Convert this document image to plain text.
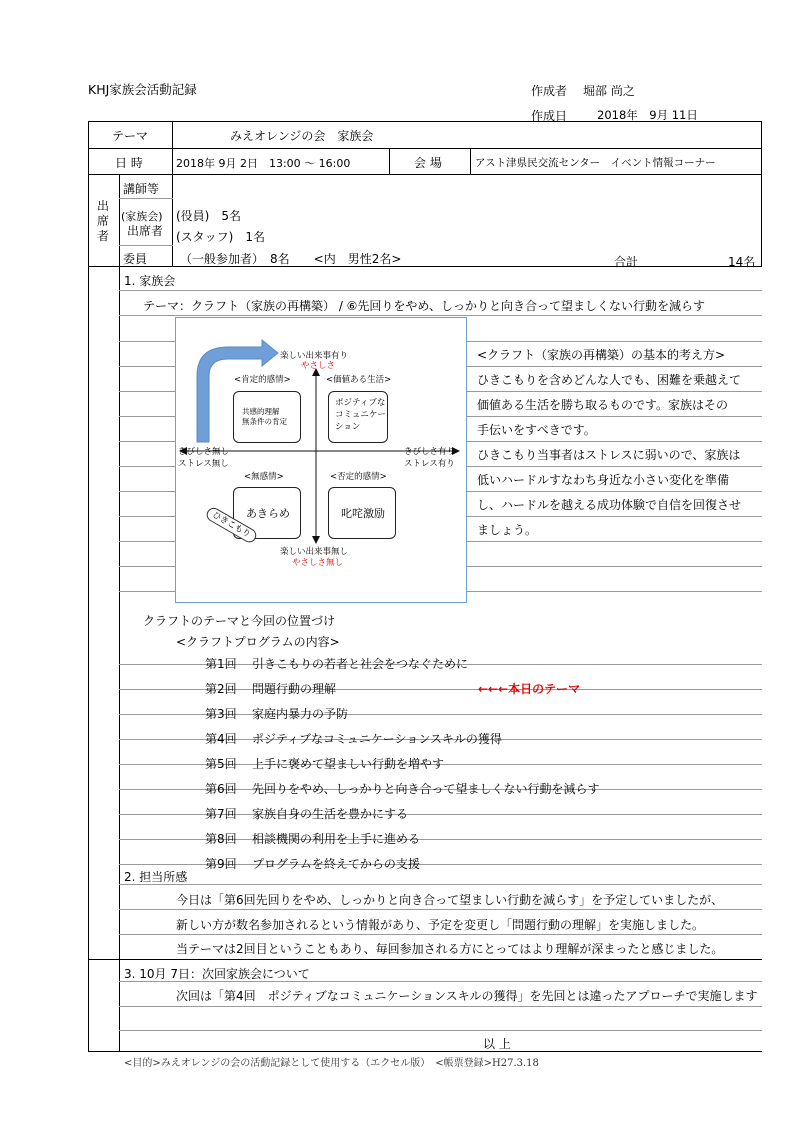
KHJ家族会活動記録	作成者 堀部 尚之
作成日	2018年　9月 11日
テーマ	みえオレンジの会　家族会
日 時	2018年 9月 2日　13:00 ～ 16:00	会 場	アスト津県民交流センター　イベント情報コーナー
出
席
者
講師等
(家族会)
出席者
(役員)　5名
(スタッフ)　1名
委員	（一般参加者）　8名　　<内　男性2名>	合計	14名
1. 家族会
テーマ：クラフト（家族の再構築） / ⑥先回りをやめ、しっかりと向き合って望ましくない行動を減らす
楽しい出来事有り
やさしさ
<肯定的感情>	<価値ある生活>
共感的理解
無条件の肯定
ポジティブな
コミュニケー
ション
きびしさ無し
ストレス無し
きびしさ有り
ストレス有り
<無感情>	<否定的感情>
あきらめ	叱咤激励
ひきこもり
楽しい出来事無し
やさしさ無し
<クラフト（家族の再構築）の基本的考え方>
ひきこもりを含めどんな人でも、困難を乗越えて
価値ある生活を勝ち取るものです。家族はその
手伝いをすべきです。
ひきこもり当事者はストレスに弱いので、家族は
低いハードルすなわち身近な小さい変化を準備
し、ハードルを越える成功体験で自信を回復させ
ましょう。
クラフトのテーマと今回の位置づけ
<クラフトプログラムの内容>
第1回 引きこもりの若者と社会をつなぐために
第2回 問題行動の理解	←←←本日のテーマ
第3回 家庭内暴力の予防
第4回 ポジティブなコミュニケーションスキルの獲得
第5回 上手に褒めて望ましい行動を増やす
第6回 先回りをやめ、しっかりと向き合って望ましくない行動を減らす
第7回 家族自身の生活を豊かにする
第8回 相談機関の利用を上手に進める
第9回 プログラムを終えてからの支援
2. 担当所感
今日は「第6回先回りをやめ、しっかりと向き合って望ましい行動を減らす」を予定していましたが、
新しい方が数名参加されるという情報があり、予定を変更し「問題行動の理解」を実施しました。
当テーマは2回目ということもあり、毎回参加される方にとってはより理解が深まったと感じました。
3. 10月 7日：次回家族会について
次回は「第4回　ポジティブなコミュニケーションスキルの獲得」を先回とは違ったアプローチで実施します
以 上
<目的>みえオレンジの会の活動記録として使用する（エクセル版）　<帳票登録>H27.3.18
